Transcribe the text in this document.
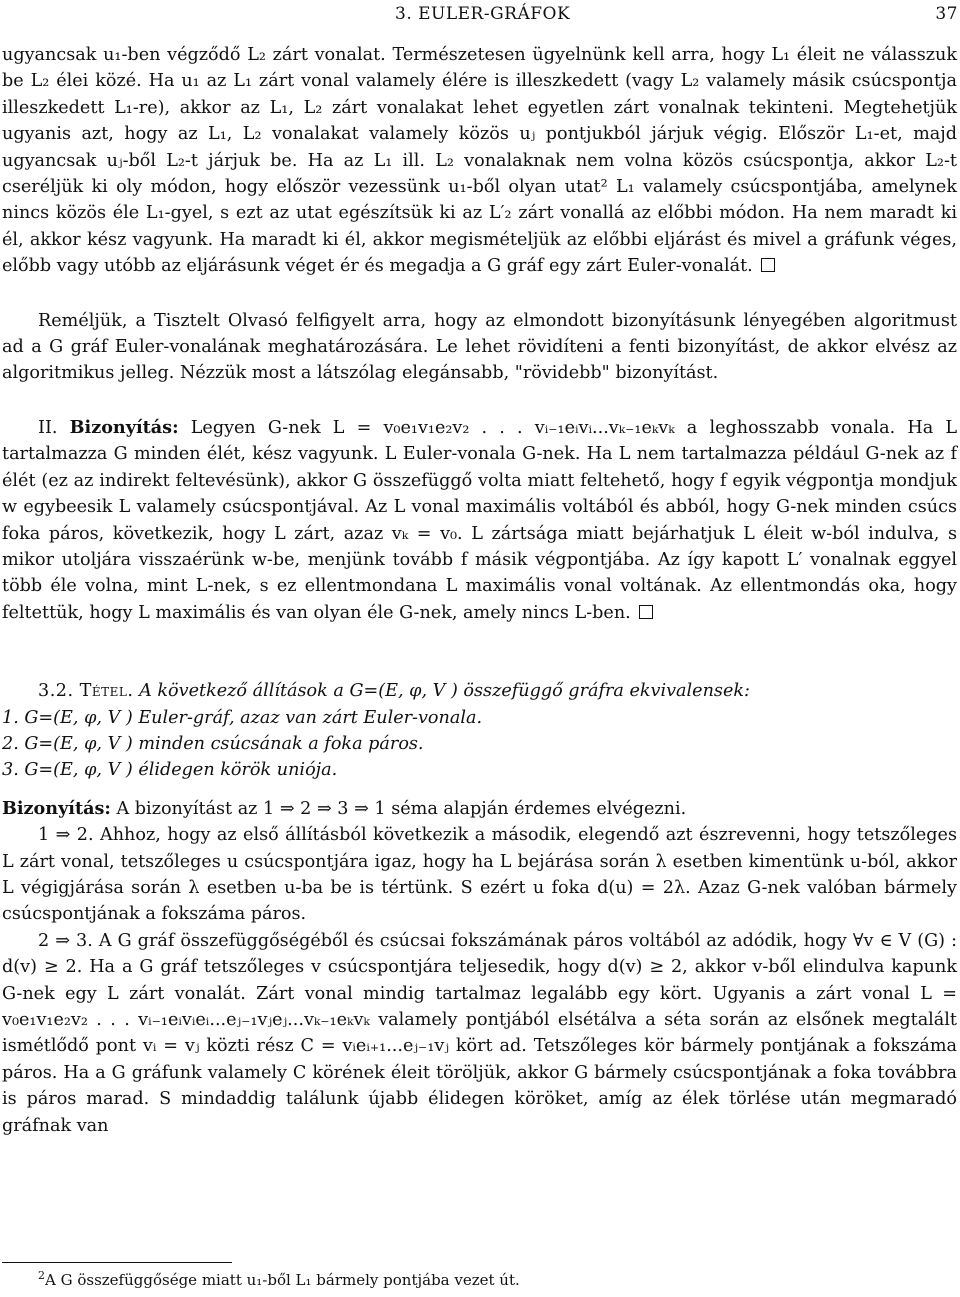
3. EULER-GRÁFOK	37

ugyancsak u₁-ben végződő L₂ zárt vonalat. Természetesen ügyelnünk kell arra, hogy L₁ éleit ne válasszuk be L₂ élei közé. Ha u₁ az L₁ zárt vonal valamely élére is illeszkedett (vagy L₂ valamely másik csúcspontja illeszkedett L₁-re), akkor az L₁, L₂ zárt vonalakat lehet egyetlen zárt vonalnak tekinteni. Megtehetjük ugyanis azt, hogy az L₁, L₂ vonalakat valamely közös uⱼ pontjukból járjuk végig. Először L₁-et, majd ugyancsak uⱼ-ből L₂-t járjuk be. Ha az L₁ ill. L₂ vonalaknak nem volna közös csúcspontja, akkor L₂-t cseréljük ki oly módon, hogy először vezessünk u₁-ből olyan utat² L₁ valamely csúcspontjába, amelynek nincs közös éle L₁-gyel, s ezt az utat egészítsük ki az L′₂ zárt vonallá az előbbi módon. Ha nem maradt ki él, akkor kész vagyunk. Ha maradt ki él, akkor megismételjük az előbbi eljárást és mivel a gráfunk véges, előbb vagy utóbb az eljárásunk véget ér és megadja a G gráf egy zárt Euler-vonalát.

Reméljük, a Tisztelt Olvasó felfigyelt arra, hogy az elmondott bizonyításunk lényegében algoritmust ad a G gráf Euler-vonalának meghatározására. Le lehet rövidíteni a fenti bizonyítást, de akkor elvész az algoritmikus jelleg. Nézzük most a látszólag elegánsabb, "rövidebb" bizonyítást.

II. Bizonyítás: Legyen G-nek L = v₀e₁v₁e₂v₂ . . . vᵢ₋₁eᵢvᵢ...vₖ₋₁eₖvₖ a leghosszabb vonala. Ha L tartalmazza G minden élét, kész vagyunk. L Euler-vonala G-nek. Ha L nem tartalmazza például G-nek az f élét (ez az indirekt feltevésünk), akkor G összefüggő volta miatt feltehető, hogy f egyik végpontja mondjuk w egybeesik L valamely csúcspontjával. Az L vonal maximális voltából és abból, hogy G-nek minden csúcs foka páros, következik, hogy L zárt, azaz vₖ = v₀. L zártsága miatt bejárhatjuk L éleit w-ból indulva, s mikor utoljára visszaérünk w-be, menjünk tovább f másik végpontjába. Az így kapott L′ vonalnak eggyel több éle volna, mint L-nek, s ez ellentmondana L maximális vonal voltának. Az ellentmondás oka, hogy feltettük, hogy L maximális és van olyan éle G-nek, amely nincs L-ben.

3.2. Tétel. A következő állítások a G=(E, φ, V ) összefüggő gráfra ekvivalensek:

1. G=(E, φ, V ) Euler-gráf, azaz van zárt Euler-vonala.

2. G=(E, φ, V ) minden csúcsának a foka páros.

3. G=(E, φ, V ) élidegen körök uniója.

Bizonyítás: A bizonyítást az 1 ⇒ 2 ⇒ 3 ⇒ 1 séma alapján érdemes elvégezni.

1 ⇒ 2. Ahhoz, hogy az első állításból következik a második, elegendő azt észrevenni, hogy tetszőleges L zárt vonal, tetszőleges u csúcspontjára igaz, hogy ha L bejárása során λ esetben kimentünk u-ból, akkor L végigjárása során λ esetben u-ba be is tértünk. S ezért u foka d(u) = 2λ. Azaz G-nek valóban bármely csúcspontjának a fokszáma páros.

2 ⇒ 3. A G gráf összefüggőségéből és csúcsai fokszámának páros voltából az adódik, hogy ∀v ∈ V (G) : d(v) ≥ 2. Ha a G gráf tetszőleges v csúcspontjára teljesedik, hogy d(v) ≥ 2, akkor v-ből elindulva kapunk G-nek egy L zárt vonalát. Zárt vonal mindig tartalmaz legalább egy kört. Ugyanis a zárt vonal L = v₀e₁v₁e₂v₂ . . . vᵢ₋₁eᵢvᵢeᵢ...eⱼ₋₁vⱼeⱼ...vₖ₋₁eₖvₖ valamely pontjából elsétálva a séta során az elsőnek megtalált ismétlődő pont vᵢ = vⱼ közti rész C = vᵢeᵢ₊₁...eⱼ₋₁vⱼ kört ad. Tetszőleges kör bármely pontjának a fokszáma páros. Ha a G gráfunk valamely C körének éleit töröljük, akkor G bármely csúcspontjának a foka továbbra is páros marad. S mindaddig találunk újabb élidegen köröket, amíg az élek törlése után megmaradó gráfnak van

$^2$A G összefüggősége miatt u₁-ből L₁ bármely pontjába vezet út.
